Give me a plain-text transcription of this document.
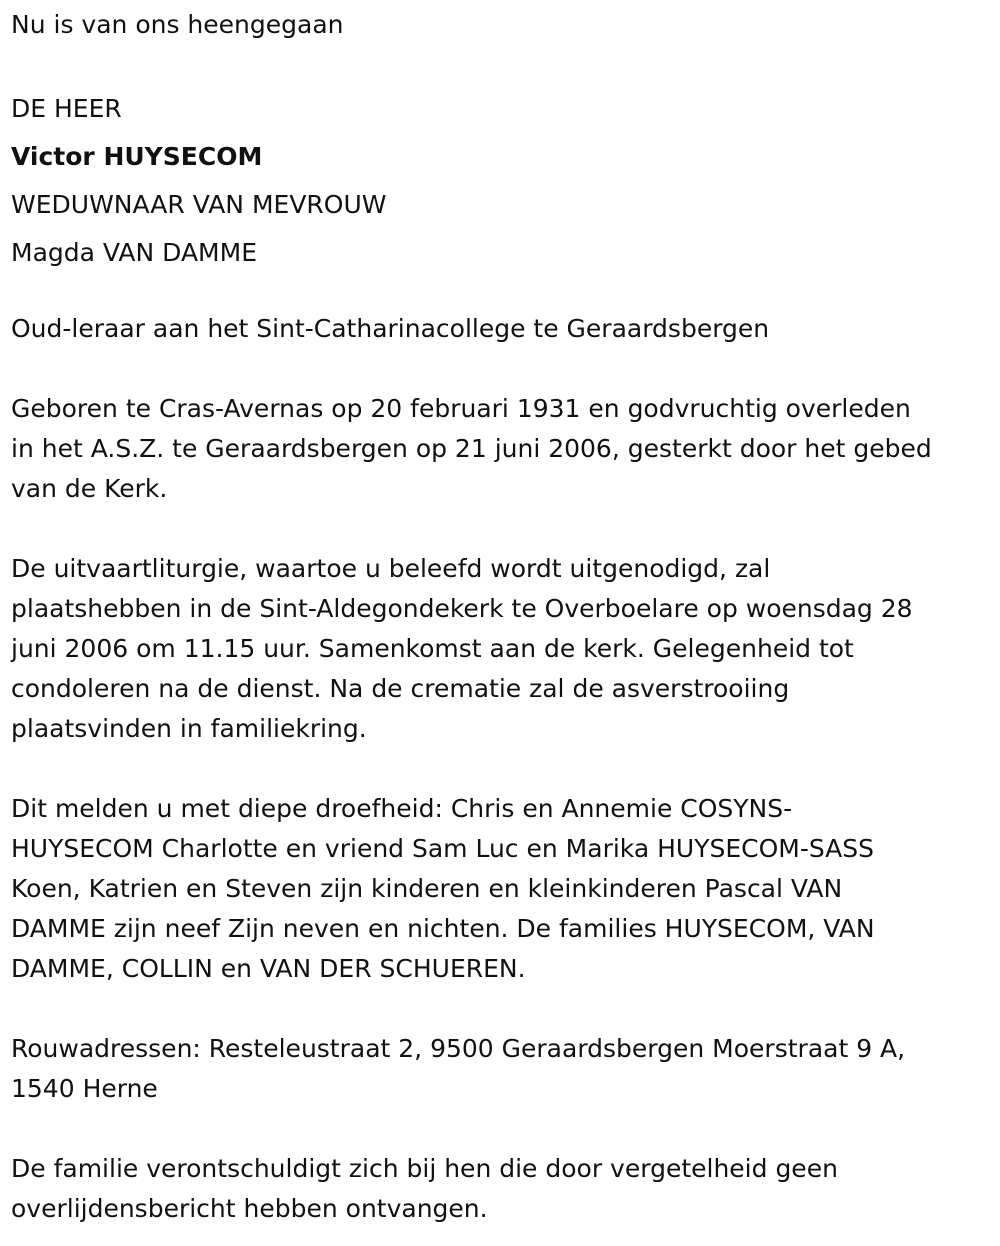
Nu is van ons heengegaan

DE HEER

Victor HUYSECOM

WEDUWNAAR VAN MEVROUW

Magda VAN DAMME

Oud-leraar aan het Sint-Catharinacollege te Geraardsbergen

Geboren te Cras-Avernas op 20 februari 1931 en godvruchtig overleden

in het A.S.Z. te Geraardsbergen op 21 juni 2006, gesterkt door het gebed

van de Kerk.

De uitvaartliturgie, waartoe u beleefd wordt uitgenodigd, zal

plaatshebben in de Sint-Aldegondekerk te Overboelare op woensdag 28

juni 2006 om 11.15 uur. Samenkomst aan de kerk. Gelegenheid tot

condoleren na de dienst. Na de crematie zal de asverstrooiing

plaatsvinden in familiekring.

Dit melden u met diepe droefheid: Chris en Annemie COSYNS-

HUYSECOM Charlotte en vriend Sam Luc en Marika HUYSECOM-SASS

Koen, Katrien en Steven zijn kinderen en kleinkinderen Pascal VAN

DAMME zijn neef Zijn neven en nichten. De families HUYSECOM, VAN

DAMME, COLLIN en VAN DER SCHUEREN.

Rouwadressen: Resteleustraat 2, 9500 Geraardsbergen Moerstraat 9 A,

1540 Herne

De familie verontschuldigt zich bij hen die door vergetelheid geen

overlijdensbericht hebben ontvangen.
